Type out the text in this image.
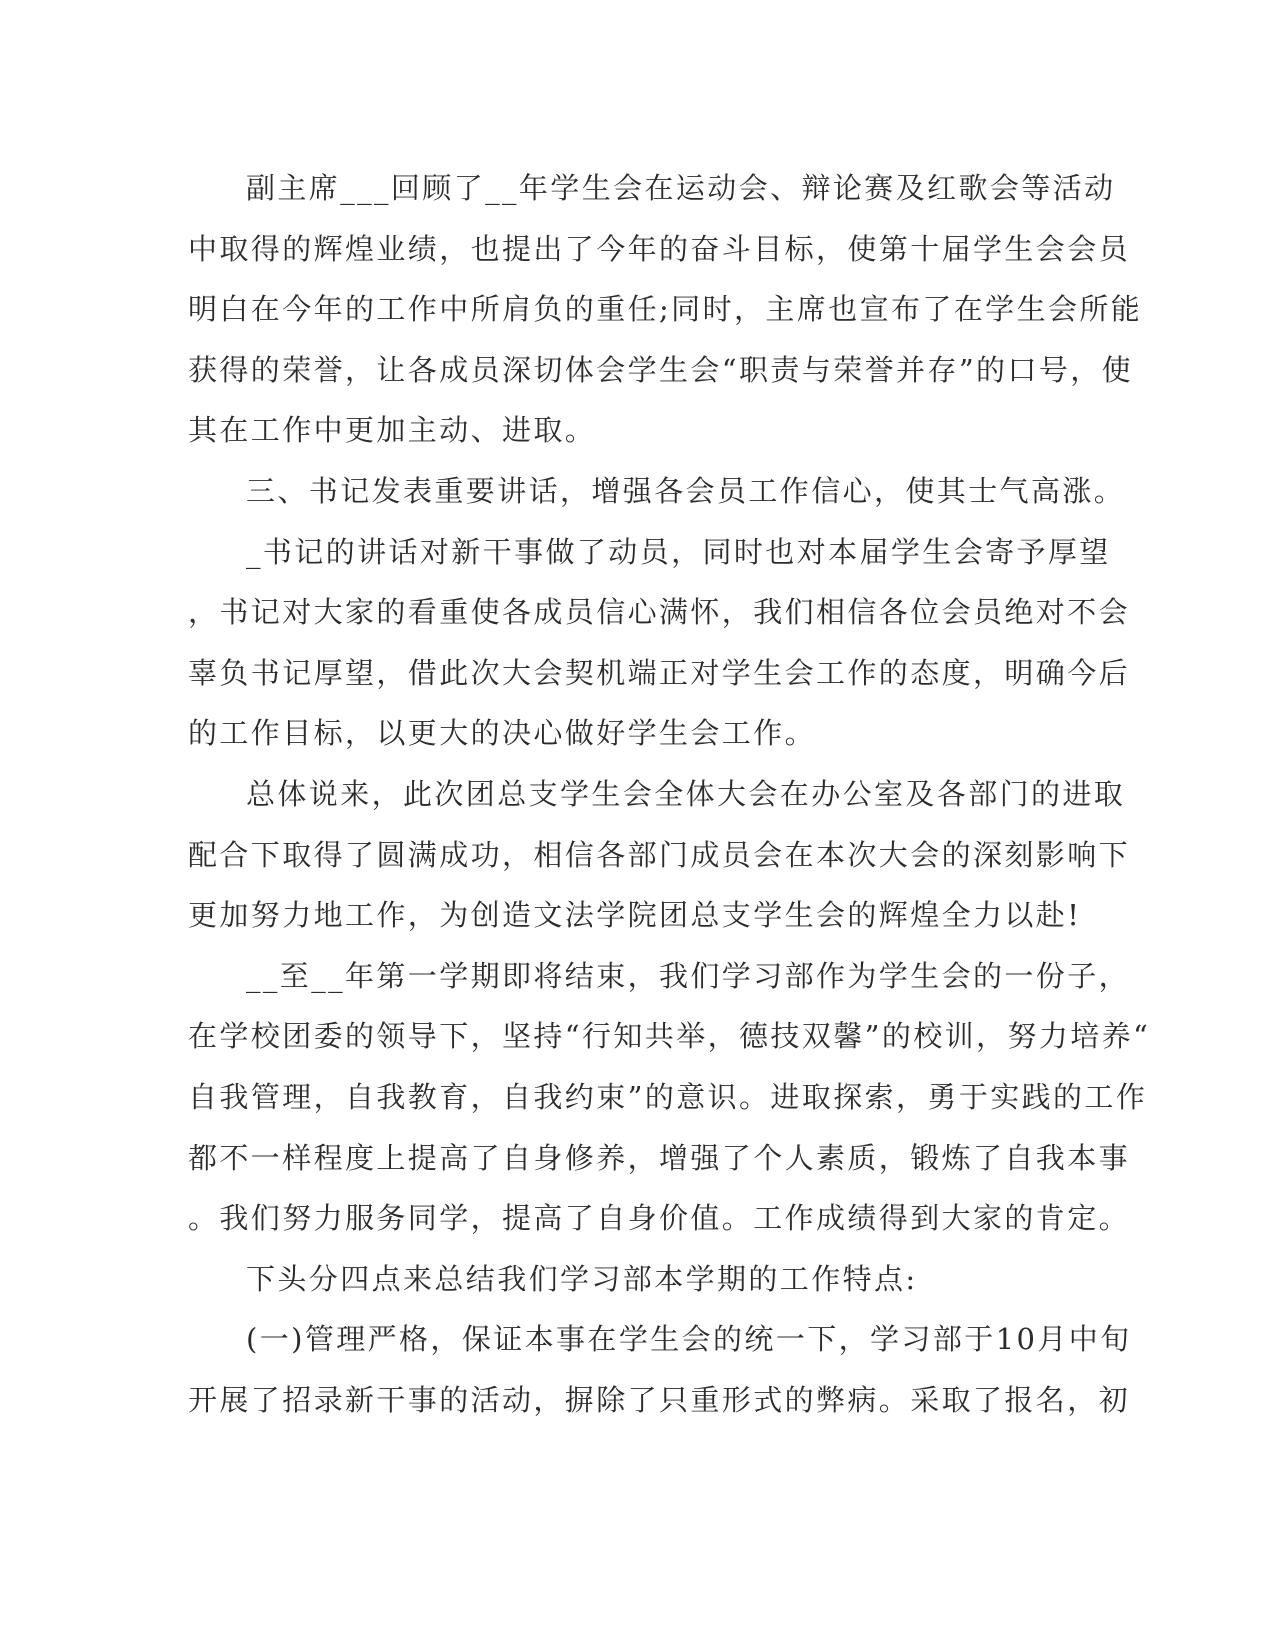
副主席___回顾了__年学生会在运动会、辩论赛及红歌会等活动
中取得的辉煌业绩，也提出了今年的奋斗目标，使第十届学生会会员
明白在今年的工作中所肩负的重任;同时，主席也宣布了在学生会所能
获得的荣誉，让各成员深切体会学生会“职责与荣誉并存”的口号，使
其在工作中更加主动、进取。

三、书记发表重要讲话，增强各会员工作信心，使其士气高涨。

_书记的讲话对新干事做了动员，同时也对本届学生会寄予厚望
，书记对大家的看重使各成员信心满怀，我们相信各位会员绝对不会
辜负书记厚望，借此次大会契机端正对学生会工作的态度，明确今后
的工作目标，以更大的决心做好学生会工作。

总体说来，此次团总支学生会全体大会在办公室及各部门的进取
配合下取得了圆满成功，相信各部门成员会在本次大会的深刻影响下
更加努力地工作，为创造文法学院团总支学生会的辉煌全力以赴!

__至__年第一学期即将结束，我们学习部作为学生会的一份子，
在学校团委的领导下，坚持“行知共举，德技双馨”的校训，努力培养“
自我管理，自我教育，自我约束”的意识。进取探索，勇于实践的工作
都不一样程度上提高了自身修养，增强了个人素质，锻炼了自我本事
。我们努力服务同学，提高了自身价值。工作成绩得到大家的肯定。

下头分四点来总结我们学习部本学期的工作特点:

(一)管理严格，保证本事在学生会的统一下，学习部于10月中旬
开展了招录新干事的活动，摒除了只重形式的弊病。采取了报名，初
